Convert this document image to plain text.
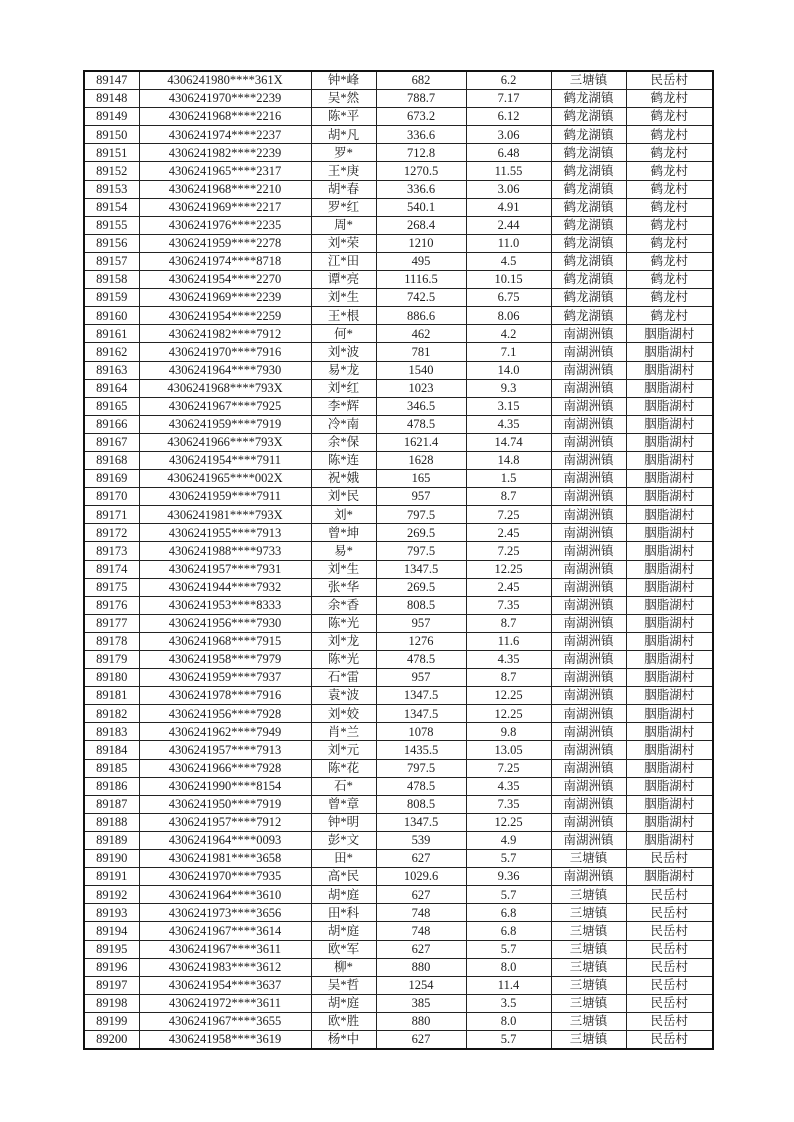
89147	4306241980****361X	钟*峰	682	6.2	三塘镇	民岳村
89148	4306241970****2239	吴*然	788.7	7.17	鹤龙湖镇	鹤龙村
89149	4306241968****2216	陈*平	673.2	6.12	鹤龙湖镇	鹤龙村
89150	4306241974****2237	胡*凡	336.6	3.06	鹤龙湖镇	鹤龙村
89151	4306241982****2239	罗*	712.8	6.48	鹤龙湖镇	鹤龙村
89152	4306241965****2317	王*庚	1270.5	11.55	鹤龙湖镇	鹤龙村
89153	4306241968****2210	胡*春	336.6	3.06	鹤龙湖镇	鹤龙村
89154	4306241969****2217	罗*红	540.1	4.91	鹤龙湖镇	鹤龙村
89155	4306241976****2235	周*	268.4	2.44	鹤龙湖镇	鹤龙村
89156	4306241959****2278	刘*荣	1210	11.0	鹤龙湖镇	鹤龙村
89157	4306241974****8718	江*田	495	4.5	鹤龙湖镇	鹤龙村
89158	4306241954****2270	谭*亮	1116.5	10.15	鹤龙湖镇	鹤龙村
89159	4306241969****2239	刘*生	742.5	6.75	鹤龙湖镇	鹤龙村
89160	4306241954****2259	王*根	886.6	8.06	鹤龙湖镇	鹤龙村
89161	4306241982****7912	何*	462	4.2	南湖洲镇	胭脂湖村
89162	4306241970****7916	刘*波	781	7.1	南湖洲镇	胭脂湖村
89163	4306241964****7930	易*龙	1540	14.0	南湖洲镇	胭脂湖村
89164	4306241968****793X	刘*红	1023	9.3	南湖洲镇	胭脂湖村
89165	4306241967****7925	李*辉	346.5	3.15	南湖洲镇	胭脂湖村
89166	4306241959****7919	冷*南	478.5	4.35	南湖洲镇	胭脂湖村
89167	4306241966****793X	余*保	1621.4	14.74	南湖洲镇	胭脂湖村
89168	4306241954****7911	陈*连	1628	14.8	南湖洲镇	胭脂湖村
89169	4306241965****002X	祝*娥	165	1.5	南湖洲镇	胭脂湖村
89170	4306241959****7911	刘*民	957	8.7	南湖洲镇	胭脂湖村
89171	4306241981****793X	刘*	797.5	7.25	南湖洲镇	胭脂湖村
89172	4306241955****7913	曾*坤	269.5	2.45	南湖洲镇	胭脂湖村
89173	4306241988****9733	易*	797.5	7.25	南湖洲镇	胭脂湖村
89174	4306241957****7931	刘*生	1347.5	12.25	南湖洲镇	胭脂湖村
89175	4306241944****7932	张*华	269.5	2.45	南湖洲镇	胭脂湖村
89176	4306241953****8333	余*香	808.5	7.35	南湖洲镇	胭脂湖村
89177	4306241956****7930	陈*光	957	8.7	南湖洲镇	胭脂湖村
89178	4306241968****7915	刘*龙	1276	11.6	南湖洲镇	胭脂湖村
89179	4306241958****7979	陈*光	478.5	4.35	南湖洲镇	胭脂湖村
89180	4306241959****7937	石*雷	957	8.7	南湖洲镇	胭脂湖村
89181	4306241978****7916	袁*波	1347.5	12.25	南湖洲镇	胭脂湖村
89182	4306241956****7928	刘*姣	1347.5	12.25	南湖洲镇	胭脂湖村
89183	4306241962****7949	肖*兰	1078	9.8	南湖洲镇	胭脂湖村
89184	4306241957****7913	刘*元	1435.5	13.05	南湖洲镇	胭脂湖村
89185	4306241966****7928	陈*花	797.5	7.25	南湖洲镇	胭脂湖村
89186	4306241990****8154	石*	478.5	4.35	南湖洲镇	胭脂湖村
89187	4306241950****7919	曾*章	808.5	7.35	南湖洲镇	胭脂湖村
89188	4306241957****7912	钟*明	1347.5	12.25	南湖洲镇	胭脂湖村
89189	4306241964****0093	彭*文	539	4.9	南湖洲镇	胭脂湖村
89190	4306241981****3658	田*	627	5.7	三塘镇	民岳村
89191	4306241970****7935	高*民	1029.6	9.36	南湖洲镇	胭脂湖村
89192	4306241964****3610	胡*庭	627	5.7	三塘镇	民岳村
89193	4306241973****3656	田*科	748	6.8	三塘镇	民岳村
89194	4306241967****3614	胡*庭	748	6.8	三塘镇	民岳村
89195	4306241967****3611	欧*军	627	5.7	三塘镇	民岳村
89196	4306241983****3612	柳*	880	8.0	三塘镇	民岳村
89197	4306241954****3637	吴*哲	1254	11.4	三塘镇	民岳村
89198	4306241972****3611	胡*庭	385	3.5	三塘镇	民岳村
89199	4306241967****3655	欧*胜	880	8.0	三塘镇	民岳村
89200	4306241958****3619	杨*中	627	5.7	三塘镇	民岳村
